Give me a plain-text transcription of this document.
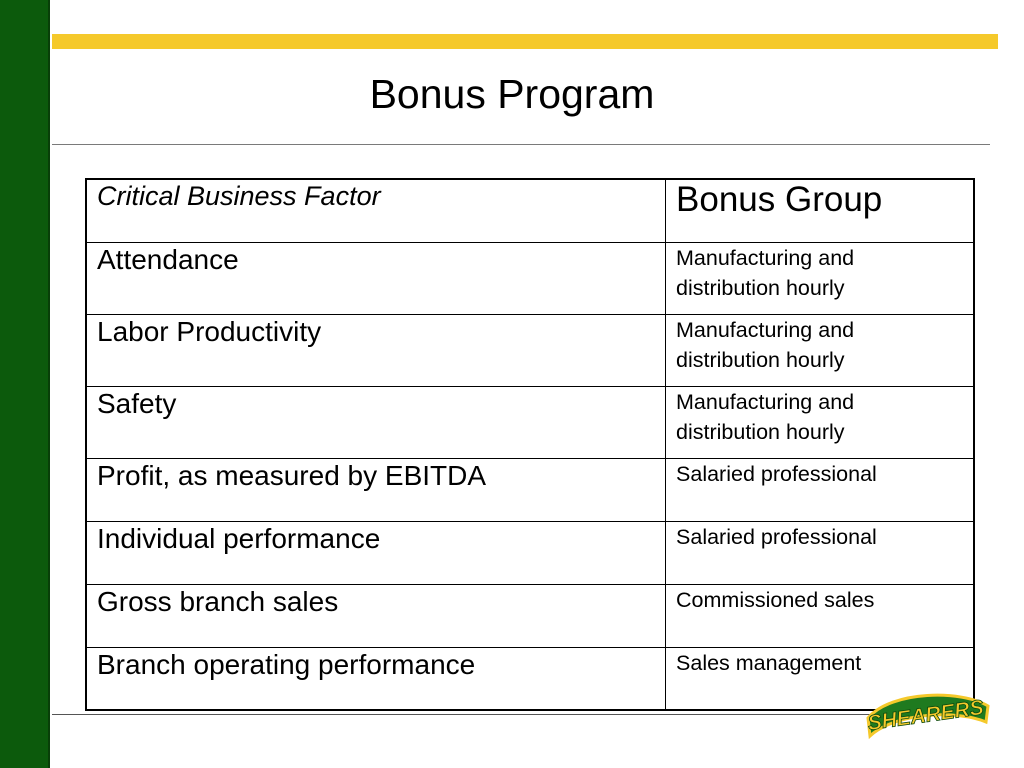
Bonus Program
Critical Business Factor	Bonus Group
Attendance	Manufacturing and distribution hourly
Labor Productivity	Manufacturing and distribution hourly
Safety	Manufacturing and distribution hourly
Profit, as measured by EBITDA	Salaried professional
Individual performance	Salaried professional
Gross branch sales	Commissioned sales
Branch operating performance	Sales management
SHEARERS
